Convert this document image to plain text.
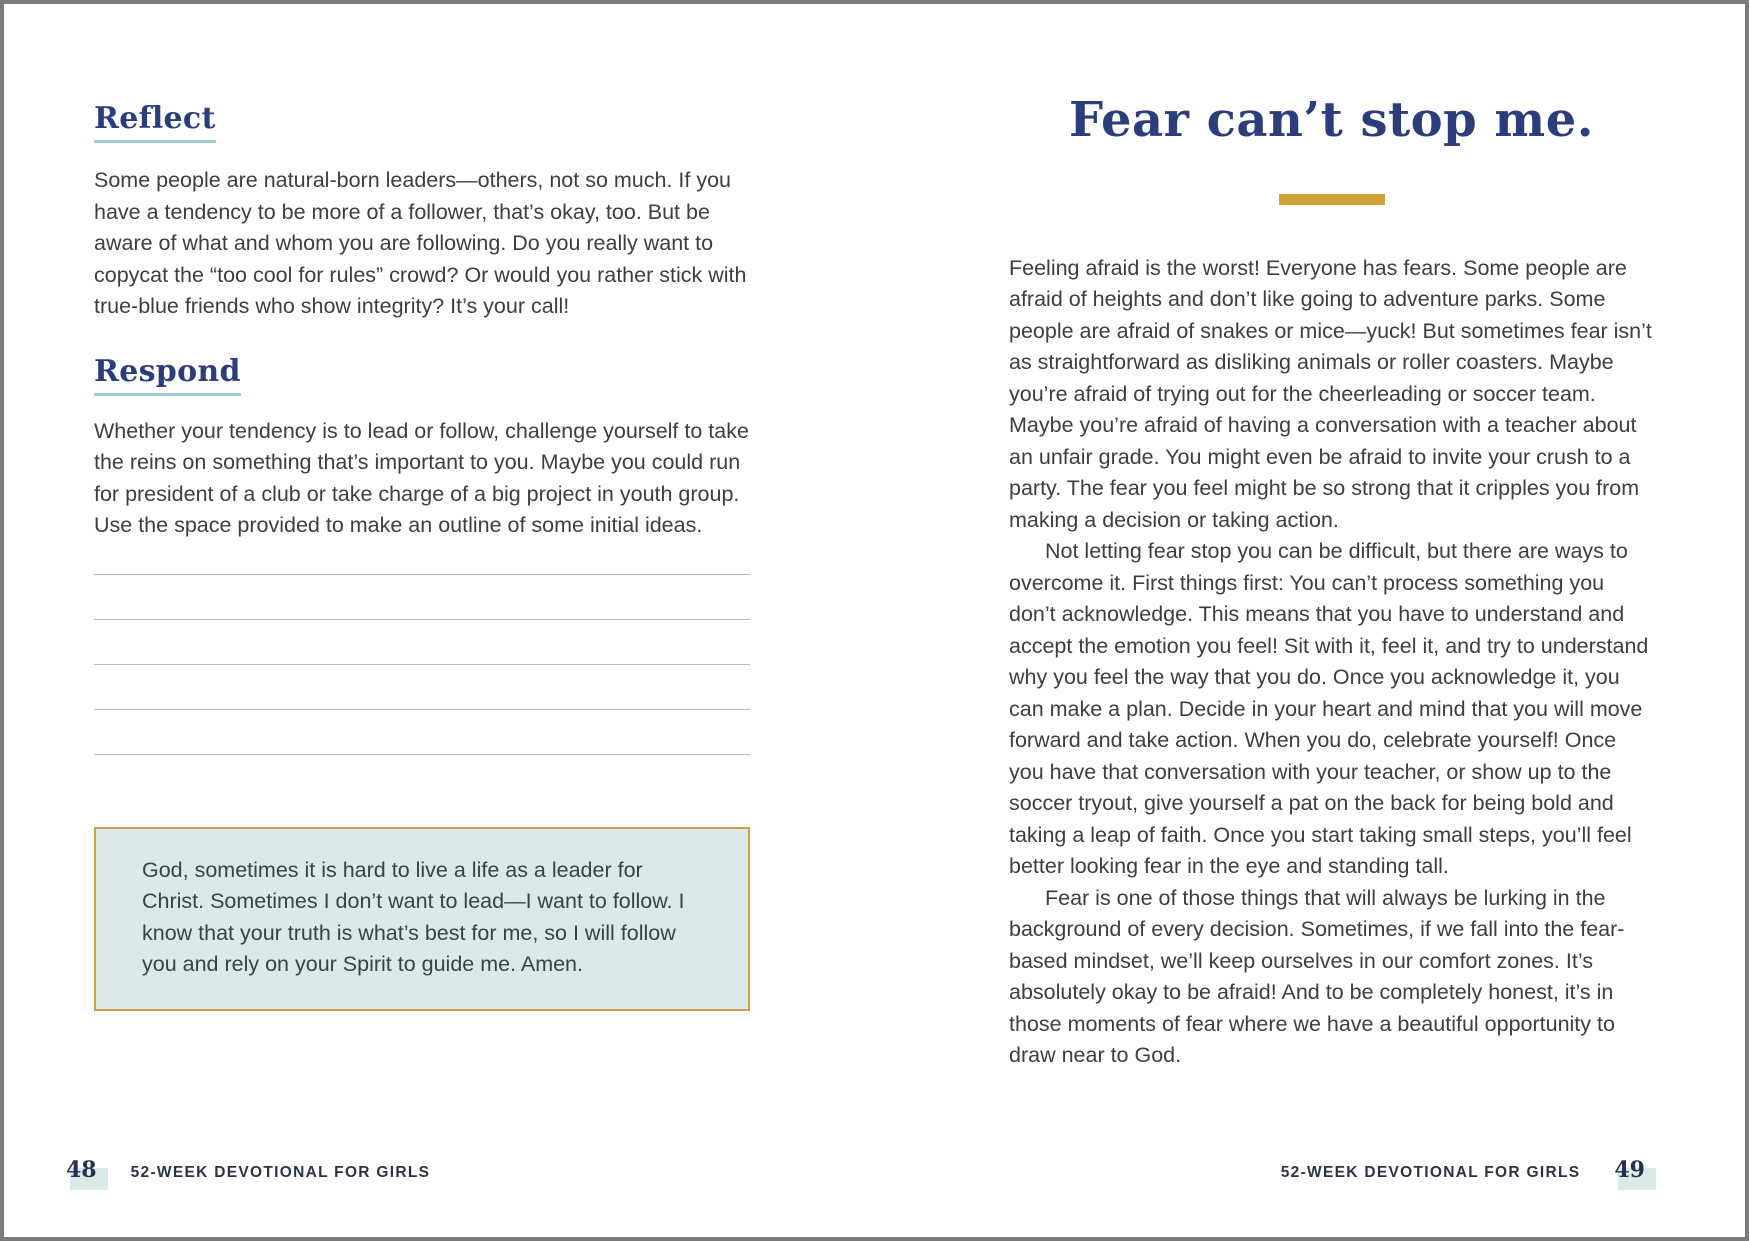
Reflect

Some people are natural-born leaders—others, not so much. If you have a tendency to be more of a follower, that’s okay, too. But be aware of what and whom you are following. Do you really want to copycat the “too cool for rules” crowd? Or would you rather stick with true-blue friends who show integrity? It’s your call!

Respond

Whether your tendency is to lead or follow, challenge yourself to take the reins on something that’s important to you. Maybe you could run for president of a club or take charge of a big project in youth group. Use the space provided to make an outline of some initial ideas.

God, sometimes it is hard to live a life as a leader for Christ. Sometimes I don’t want to lead—I want to follow. I know that your truth is what’s best for me, so I will follow you and rely on your Spirit to guide me. Amen.

Fear can’t stop me.

Feeling afraid is the worst! Everyone has fears. Some people are afraid of heights and don’t like going to adventure parks. Some people are afraid of snakes or mice—yuck! But sometimes fear isn’t as straightforward as disliking animals or roller coasters. Maybe you’re afraid of trying out for the cheerleading or soccer team. Maybe you’re afraid of having a conversation with a teacher about an unfair grade. You might even be afraid to invite your crush to a party. The fear you feel might be so strong that it cripples you from making a decision or taking action.

Not letting fear stop you can be difficult, but there are ways to overcome it. First things first: You can’t process something you don’t acknowledge. This means that you have to understand and accept the emotion you feel! Sit with it, feel it, and try to understand why you feel the way that you do. Once you acknowledge it, you can make a plan. Decide in your heart and mind that you will move forward and take action. When you do, celebrate yourself! Once you have that conversation with your teacher, or show up to the soccer tryout, give yourself a pat on the back for being bold and taking a leap of faith. Once you start taking small steps, you’ll feel better looking fear in the eye and standing tall.

Fear is one of those things that will always be lurking in the background of every decision. Sometimes, if we fall into the fear-based mindset, we’ll keep ourselves in our comfort zones. It’s absolutely okay to be afraid! And to be completely honest, it’s in those moments of fear where we have a beautiful opportunity to draw near to God.

48 52-WEEK DEVOTIONAL FOR GIRLS	52-WEEK DEVOTIONAL FOR GIRLS 49
